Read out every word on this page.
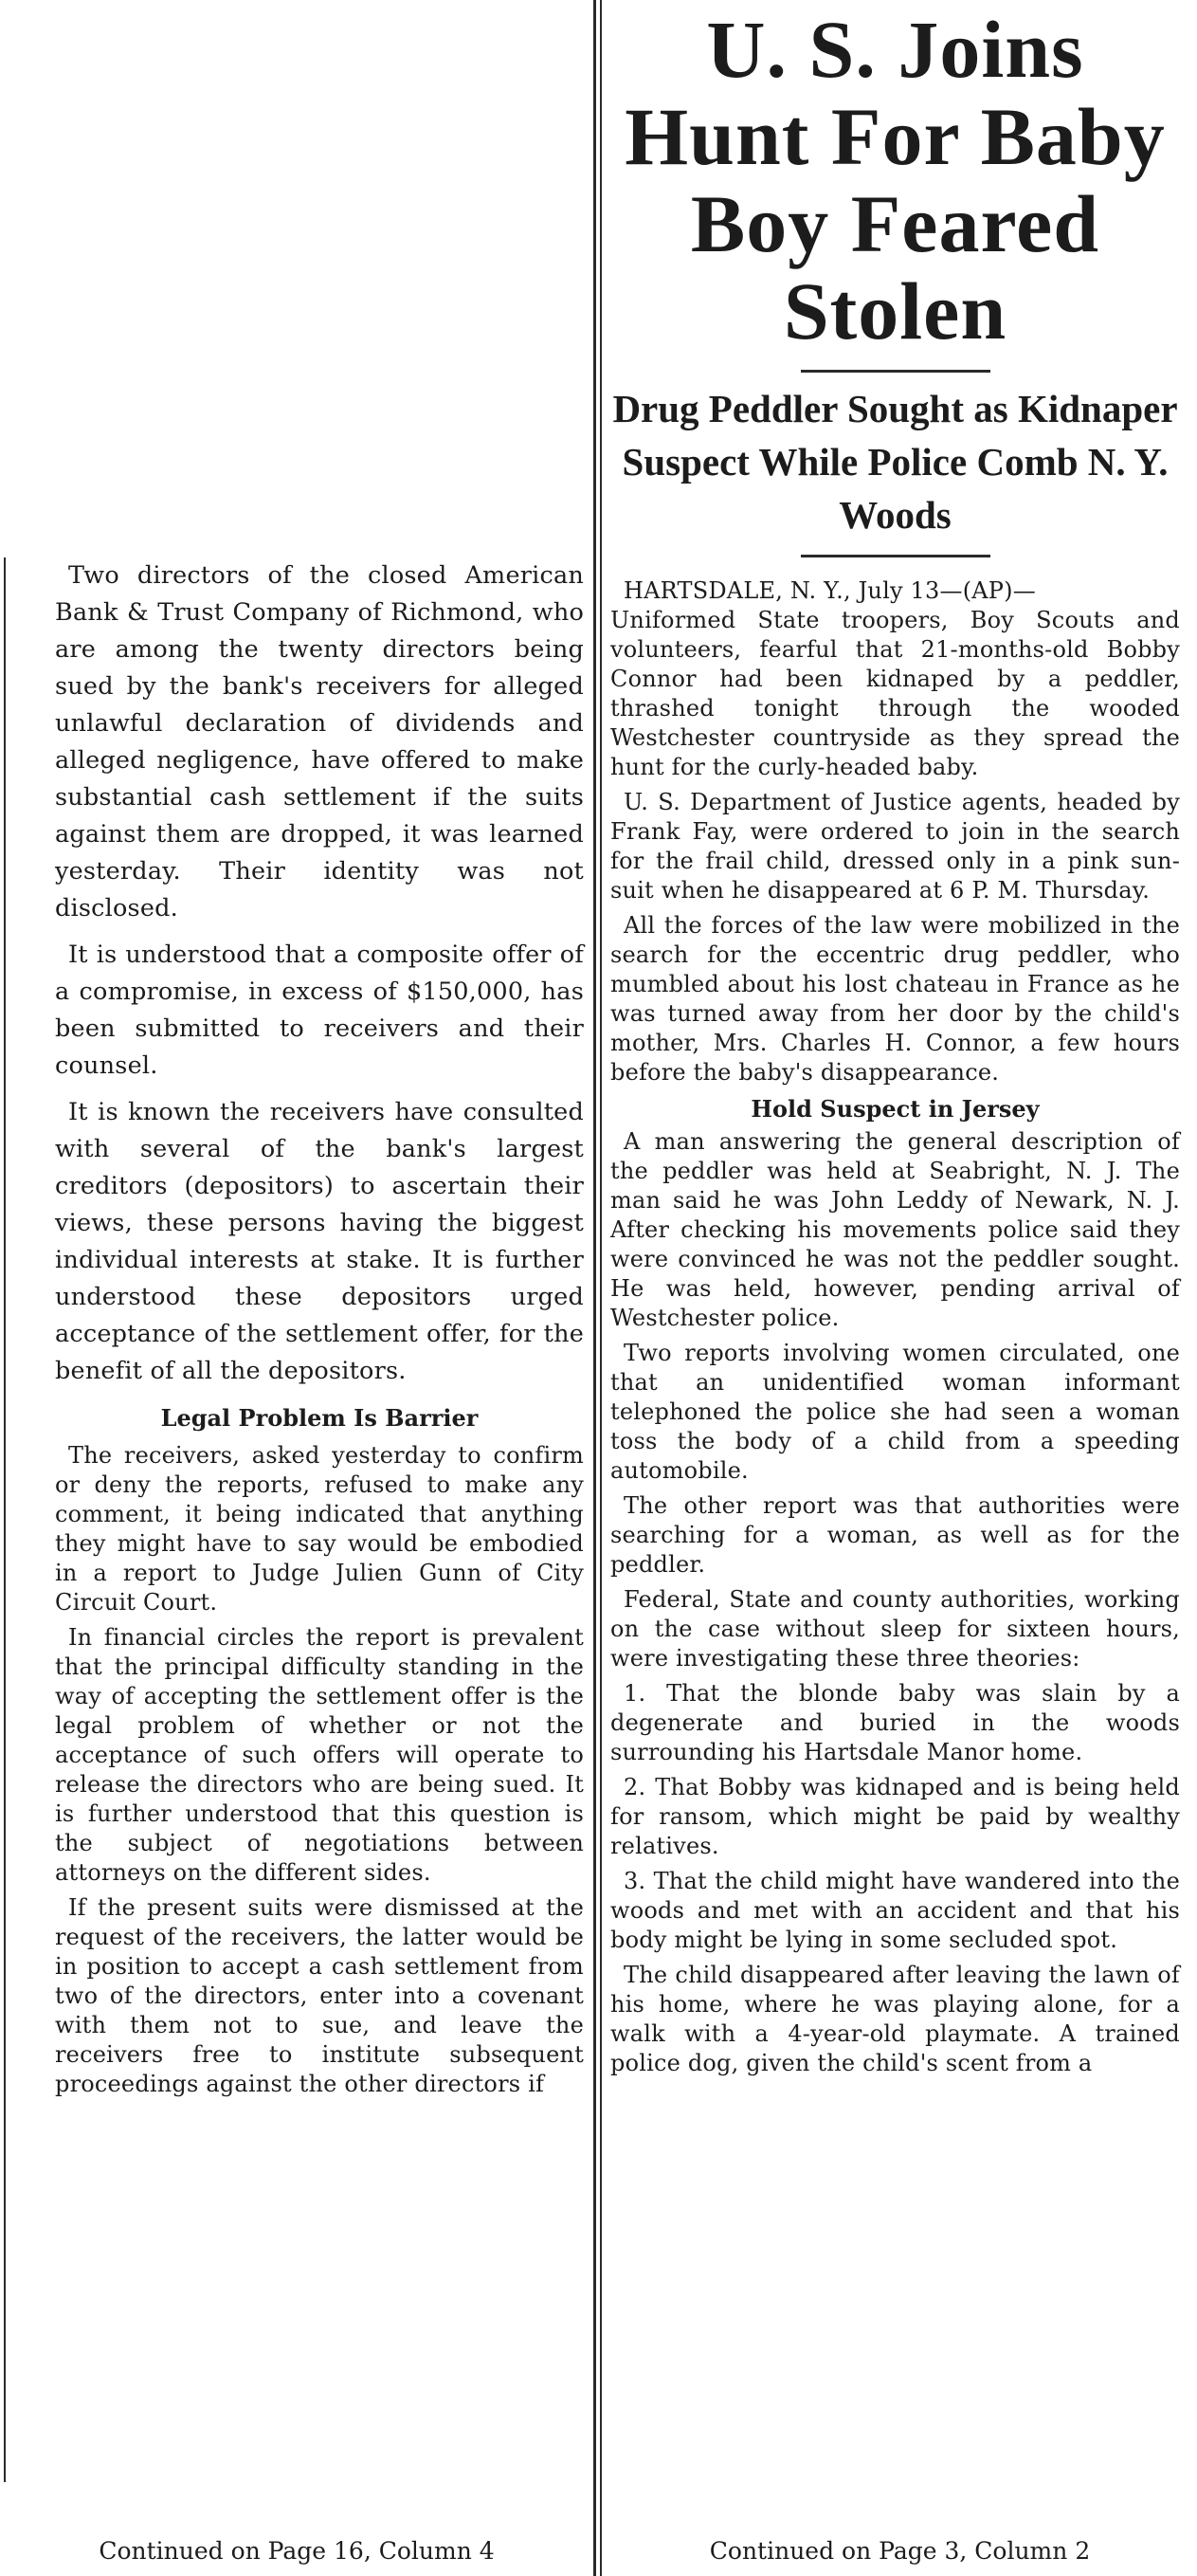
Two directors of the closed American Bank & Trust Company of Richmond, who are among the twenty directors being sued by the bank's receivers for alleged unlawful declaration of dividends and alleged negligence, have offered to make substantial cash settlement if the suits against them are dropped, it was learned yesterday. Their identity was not disclosed.

It is understood that a composite offer of a compromise, in excess of $150,000, has been submitted to receivers and their counsel.

It is known the receivers have consulted with several of the bank's largest creditors (depositors) to ascertain their views, these persons having the biggest individual interests at stake. It is further understood these depositors urged acceptance of the settlement offer, for the benefit of all the depositors.

Legal Problem Is Barrier

The receivers, asked yesterday to confirm or deny the reports, refused to make any comment, it being indicated that anything they might have to say would be embodied in a report to Judge Julien Gunn of City Circuit Court.

In financial circles the report is prevalent that the principal difficulty standing in the way of accepting the settlement offer is the legal problem of whether or not the acceptance of such offers will operate to release the directors who are being sued. It is further understood that this question is the subject of negotiations between attorneys on the different sides.

If the present suits were dismissed at the request of the receivers, the latter would be in position to accept a cash settlement from two of the directors, enter into a covenant with them not to sue, and leave the receivers free to institute subsequent proceedings against the other directors if

Continued on Page 16, Column 4

U. S. Joins Hunt For Baby Boy Feared Stolen

Drug Peddler Sought as Kidnaper Suspect While Police Comb N. Y. Woods

HARTSDALE, N. Y., July 13—(AP)—

Uniformed State troopers, Boy Scouts and volunteers, fearful that 21-months-old Bobby Connor had been kidnaped by a peddler, thrashed tonight through the wooded Westchester countryside as they spread the hunt for the curly-headed baby.

U. S. Department of Justice agents, headed by Frank Fay, were ordered to join in the search for the frail child, dressed only in a pink sun-suit when he disappeared at 6 P. M. Thursday.

All the forces of the law were mobilized in the search for the eccentric drug peddler, who mumbled about his lost chateau in France as he was turned away from her door by the child's mother, Mrs. Charles H. Connor, a few hours before the baby's disappearance.

Hold Suspect in Jersey

A man answering the general description of the peddler was held at Seabright, N. J. The man said he was John Leddy of Newark, N. J. After checking his movements police said they were convinced he was not the peddler sought. He was held, however, pending arrival of Westchester police.

Two reports involving women circulated, one that an unidentified woman informant telephoned the police she had seen a woman toss the body of a child from a speeding automobile.

The other report was that authorities were searching for a woman, as well as for the peddler.

Federal, State and county authorities, working on the case without sleep for sixteen hours, were investigating these three theories:

1. That the blonde baby was slain by a degenerate and buried in the woods surrounding his Hartsdale Manor home.

2. That Bobby was kidnaped and is being held for ransom, which might be paid by wealthy relatives.

3. That the child might have wandered into the woods and met with an accident and that his body might be lying in some secluded spot.

The child disappeared after leaving the lawn of his home, where he was playing alone, for a walk with a 4-year-old playmate. A trained police dog, given the child's scent from a

Continued on Page 3, Column 2
